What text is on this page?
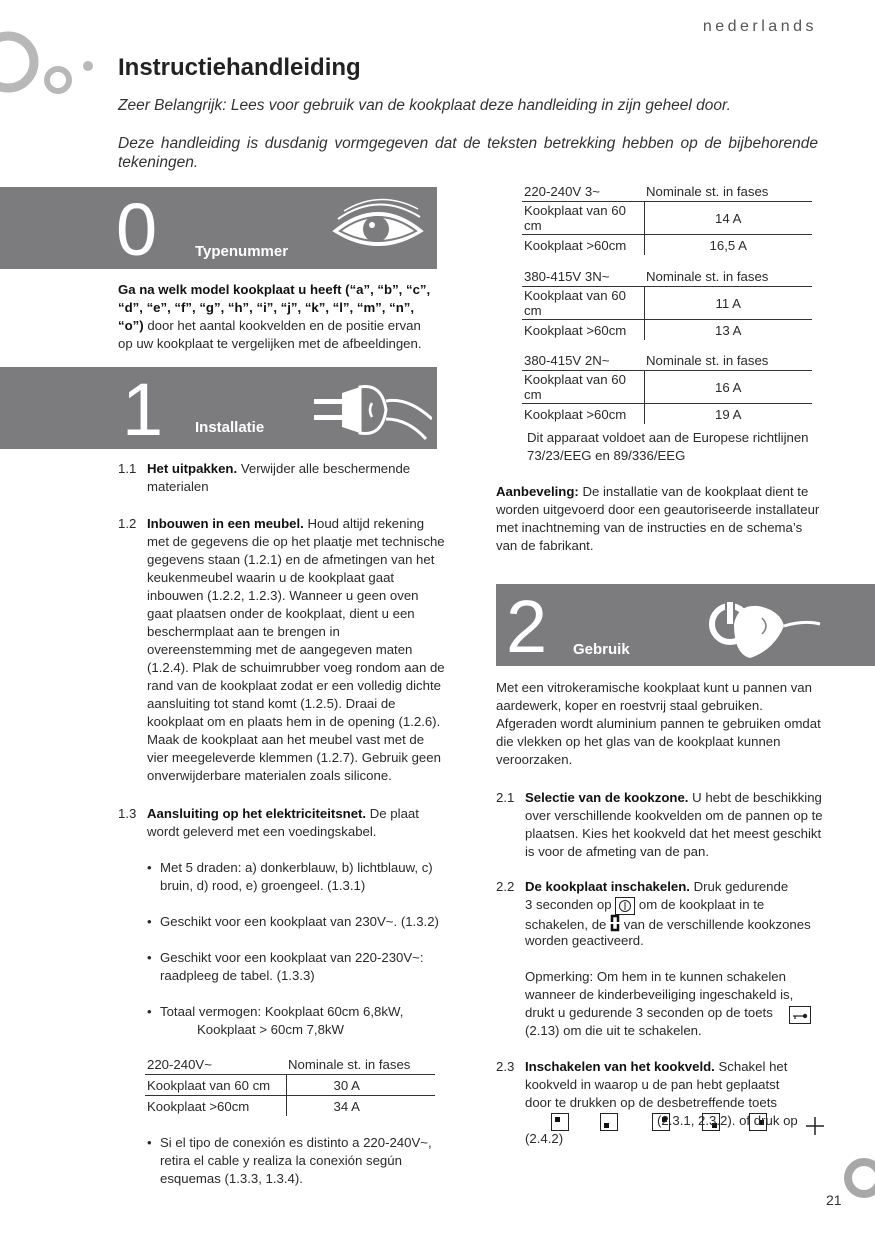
nederlands
Instructiehandleiding
Zeer Belangrijk: Lees voor gebruik van de kookplaat deze handleiding in zijn geheel door.
Deze handleiding is dusdanig vormgegeven dat de teksten betrekking hebben op de bijbehorende tekeningen.
0	Typenummer
Ga na welk model kookplaat u heeft (“a”, “b”, “c”, “d”, “e”, “f”, “g”, “h”, “i”, “j”, “k”, “l”, “m”, “n”, “o”) door het aantal kookvelden en de positie ervan op uw kookplaat te vergelijken met de afbeeldingen.
1 Installatie
1.1 Het uitpakken. Verwijder alle beschermende materialen
1.2 Inbouwen in een meubel. Houd altijd rekening met de gegevens die op het plaatje met technische gegevens staan (1.2.1) en de afmetingen van het keukenmeubel waarin u de kookplaat gaat inbouwen (1.2.2, 1.2.3). Wanneer u geen oven gaat plaatsen onder de kookplaat, dient u een beschermplaat aan te brengen in overeenstemming met de aangegeven maten (1.2.4). Plak de schuimrubber voeg rondom aan de rand van de kookplaat zodat er een volledig dichte aansluiting tot stand komt (1.2.5). Draai de kookplaat om en plaats hem in de opening (1.2.6). Maak de kookplaat aan het meubel vast met de vier meegeleverde klemmen (1.2.7). Gebruik geen onverwijderbare materialen zoals silicone.
1.3 Aansluiting op het elektriciteitsnet. De plaat wordt geleverd met een voedingskabel.
• Met 5 draden: a) donkerblauw, b) lichtblauw, c) bruin, d) rood, e) groengeel. (1.3.1)
• Geschikt voor een kookplaat van 230V~. (1.3.2)
• Geschikt voor een kookplaat van 220-230V~: raadpleeg de tabel. (1.3.3)
• Totaal vermogen: Kookplaat 60cm 6,8kW,
Kookplaat > 60cm 7,8kW
220-240V~	Nominale st. in fases
Kookplaat van 60 cm	30 A
Kookplaat >60cm	34 A
• Si el tipo de conexión es distinto a 220-240V~, retira el cable y realiza la conexión según esquemas (1.3.3, 1.3.4).
220-240V 3~	Nominale st. in fases
Kookplaat van 60 cm	14 A
Kookplaat >60cm	16,5 A
380-415V 3N~	Nominale st. in fases
Kookplaat van 60 cm	11 A
Kookplaat >60cm	13 A
380-415V 2N~	Nominale st. in fases
Kookplaat van 60 cm	16 A
Kookplaat >60cm	19 A
Dit apparaat voldoet aan de Europese richtlijnen 73/23/EEG en 89/336/EEG
Aanbeveling: De installatie van de kookplaat dient te worden uitgevoerd door een geautoriseerde installateur met inachtneming van de instructies en de schema’s van de fabrikant.
2 Gebruik
Met een vitrokeramische kookplaat kunt u pannen van aardewerk, koper en roestvrij staal gebruiken. Afgeraden wordt aluminium pannen te gebruiken omdat die vlekken op het glas van de kookplaat kunnen veroorzaken.
2.1 Selectie van de kookzone. U hebt de beschikking over verschillende kookvelden om de pannen op te plaatsen. Kies het kookveld dat het meest geschikt is voor de afmeting van de pan.
2.2 De kookplaat inschakelen. Druk gedurende
3 seconden op om de kookplaat in te
schakelen, de van de verschillende kookzones
worden geactiveerd.
Opmerking: Om hem in te kunnen schakelen
wanneer de kinderbeveiliging ingeschakeld is,
drukt u gedurende 3 seconden op de toets

(2.13) om die uit te schakelen.
2.3 Inschakelen van het kookveld. Schakel het
kookveld in waarop u de pan hebt geplaatst
door te drukken op de desbetreffende toets

(2.3.1, 2.3.2). of druk op
(2.4.2)
21
